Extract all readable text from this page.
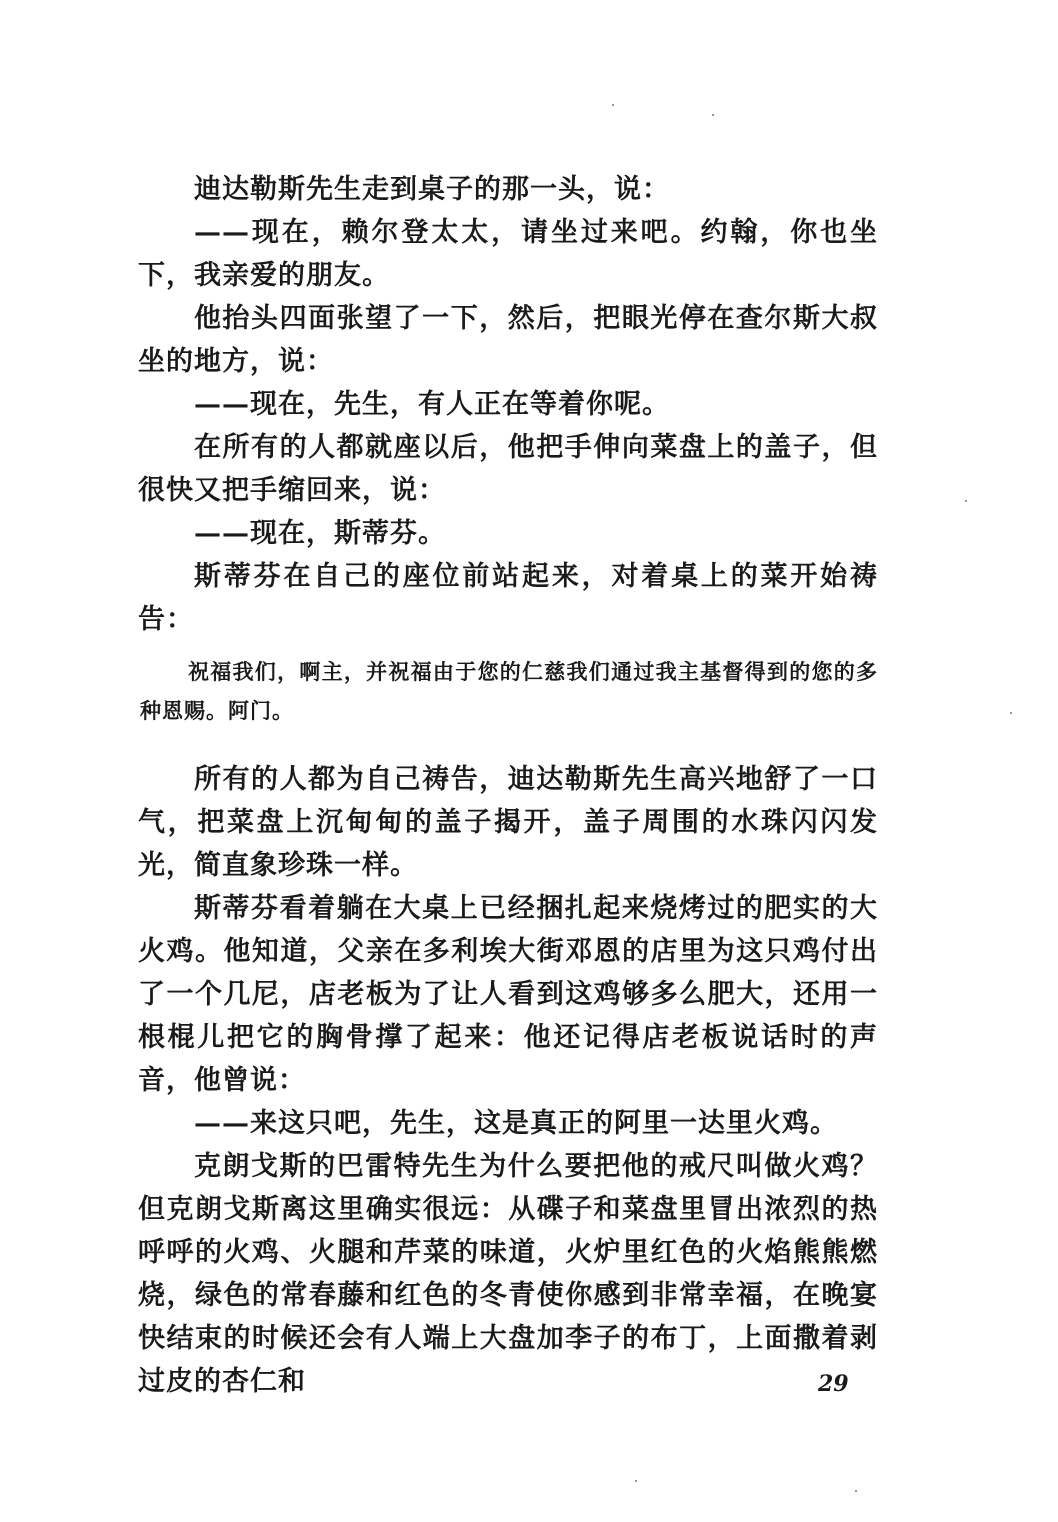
迪达勒斯先生走到桌子的那一头，说：

——现在，赖尔登太太，请坐过来吧。约翰，你也坐下，我亲爱的朋友。

他抬头四面张望了一下，然后，把眼光停在查尔斯大叔坐的地方，说：

——现在，先生，有人正在等着你呢。

在所有的人都就座以后，他把手伸向菜盘上的盖子，但很快又把手缩回来，说：

——现在，斯蒂芬。

斯蒂芬在自己的座位前站起来，对着桌上的菜开始祷告：

祝福我们，啊主，并祝福由于您的仁慈我们通过我主基督得到的您的多种恩赐。阿门。

所有的人都为自己祷告，迪达勒斯先生高兴地舒了一口气，把菜盘上沉甸甸的盖子揭开，盖子周围的水珠闪闪发光，简直象珍珠一样。

斯蒂芬看着躺在大桌上已经捆扎起来烧烤过的肥实的大火鸡。他知道，父亲在多利埃大街邓恩的店里为这只鸡付出了一个几尼，店老板为了让人看到这鸡够多么肥大，还用一根棍儿把它的胸骨撑了起来：他还记得店老板说话时的声音，他曾说：

——来这只吧，先生，这是真正的阿里一达里火鸡。

克朗戈斯的巴雷特先生为什么要把他的戒尺叫做火鸡？但克朗戈斯离这里确实很远：从碟子和菜盘里冒出浓烈的热呼呼的火鸡、火腿和芹菜的味道，火炉里红色的火焰熊熊燃烧，绿色的常春藤和红色的冬青使你感到非常幸福，在晚宴快结束的时候还会有人端上大盘加李子的布丁，上面撒着剥过皮的杏仁和	29
